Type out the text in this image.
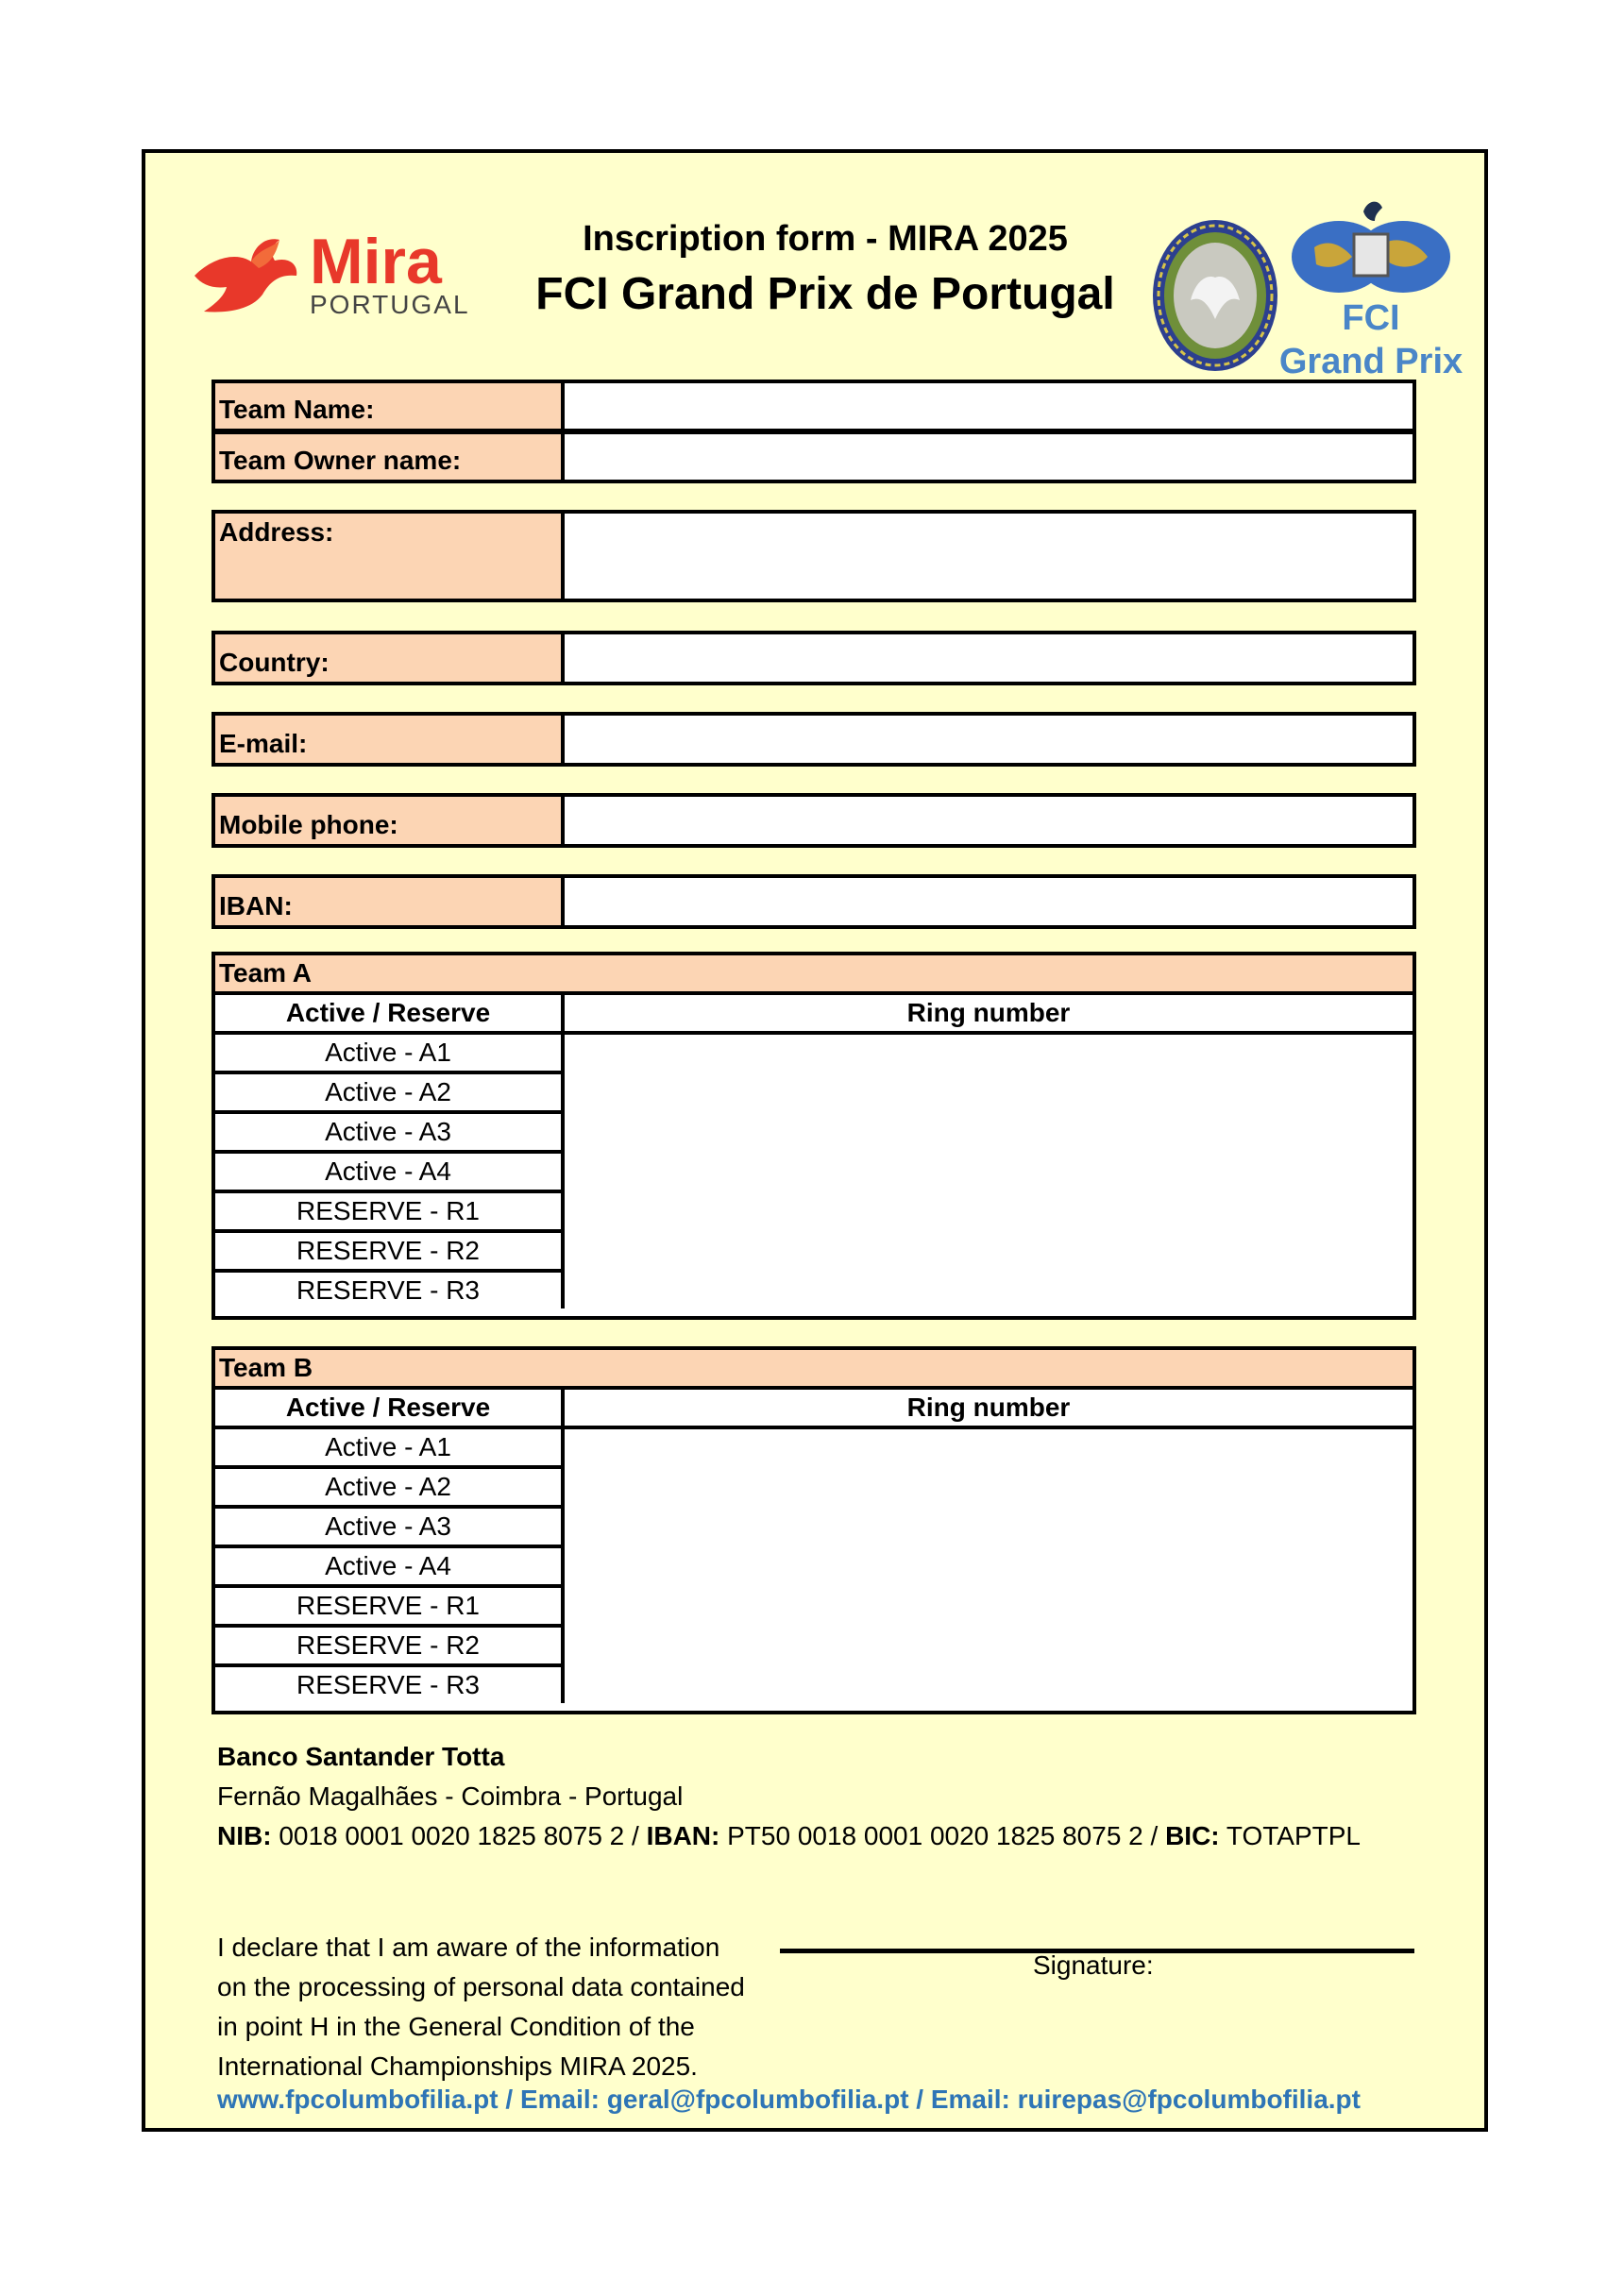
Mira
PORTUGAL
Inscription form - MIRA 2025
FCI Grand Prix de Portugal	FCI
Grand Prix
Team Name:
Team Owner name:
Address:
Country:
E-mail:
Mobile phone:
IBAN:
Team A
Active / Reserve	Ring number
Active - A1
Active - A2
Active - A3
Active - A4
RESERVE - R1
RESERVE - R2
RESERVE - R3
Team B
Active / Reserve	Ring number
Active - A1
Active - A2
Active - A3
Active - A4
RESERVE - R1
RESERVE - R2
RESERVE - R3
Banco Santander Totta
Fernão Magalhães - Coimbra - Portugal
NIB: 0018 0001 0020 1825 8075 2 / IBAN: PT50 0018 0001 0020 1825 8075 2 / BIC: TOTAPTPL
I declare that I am aware of the information
on the processing of personal data contained
in point H in the General Condition of the
International Championships MIRA 2025.
Signature:
www.fpcolumbofilia.pt / Email: geral@fpcolumbofilia.pt / Email: ruirepas@fpcolumbofilia.pt
